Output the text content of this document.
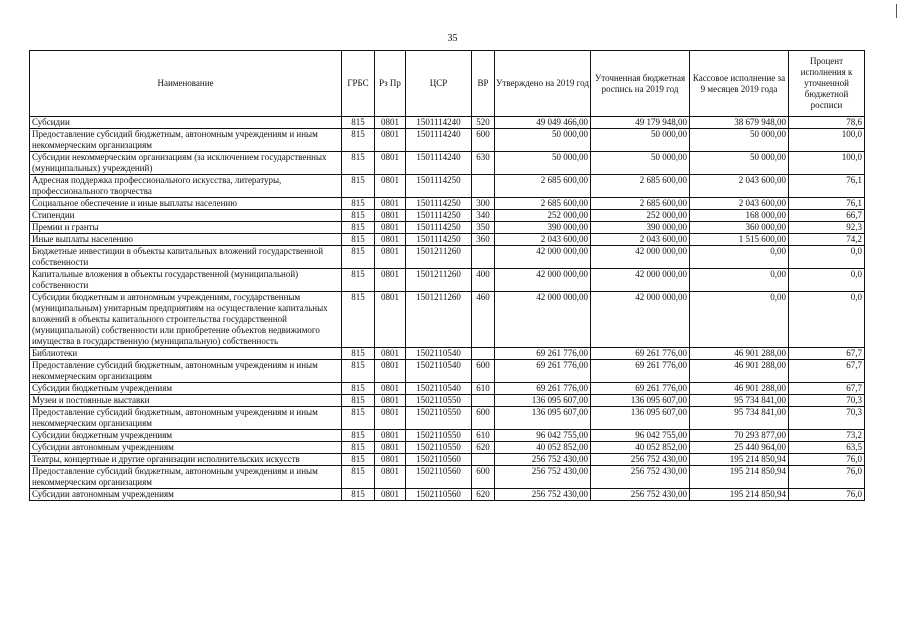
35
Наименование	ГРБС	Рз Пр	ЦСР	ВР	Утверждено на 2019 год	Уточненная бюджетная роспись на 2019 год	Кассовое исполнение за 9 месяцев 2019 года	Процент исполнения к уточненной бюджетной росписи
Субсидии	815	0801	1501114240	520	49 049 466,00	49 179 948,00	38 679 948,00	78,6
Предоставление субсидий бюджетным, автономным учреждениям и иным некоммерческим организациям	815	0801	1501114240	600	50 000,00	50 000,00	50 000,00	100,0
Субсидии некоммерческим организациям (за исключением государственных (муниципальных) учреждений)	815	0801	1501114240	630	50 000,00	50 000,00	50 000,00	100,0
Адресная поддержка профессионального искусства, литературы, профессионального творчества	815	0801	1501114250		2 685 600,00	2 685 600,00	2 043 600,00	76,1
Социальное обеспечение и иные выплаты населению	815	0801	1501114250	300	2 685 600,00	2 685 600,00	2 043 600,00	76,1
Стипендии	815	0801	1501114250	340	252 000,00	252 000,00	168 000,00	66,7
Премии и гранты	815	0801	1501114250	350	390 000,00	390 000,00	360 000,00	92,3
Иные выплаты населению	815	0801	1501114250	360	2 043 600,00	2 043 600,00	1 515 600,00	74,2
Бюджетные инвестиции в объекты капитальных вложений государственной собственности	815	0801	1501211260		42 000 000,00	42 000 000,00	0,00	0,0
Капитальные вложения в объекты государственной (муниципальной) собственности	815	0801	1501211260	400	42 000 000,00	42 000 000,00	0,00	0,0
Субсидии бюджетным и автономным учреждениям, государственным (муниципальным) унитарным предприятиям на осуществление капитальных вложений в объекты капитального строительства государственной (муниципальной) собственности или приобретение объектов недвижимого имущества в государственную (муниципальную) собственность	815	0801	1501211260	460	42 000 000,00	42 000 000,00	0,00	0,0
Библиотеки	815	0801	1502110540		69 261 776,00	69 261 776,00	46 901 288,00	67,7
Предоставление субсидий бюджетным, автономным учреждениям и иным некоммерческим организациям	815	0801	1502110540	600	69 261 776,00	69 261 776,00	46 901 288,00	67,7
Субсидии бюджетным учреждениям	815	0801	1502110540	610	69 261 776,00	69 261 776,00	46 901 288,00	67,7
Музеи и постоянные выставки	815	0801	1502110550		136 095 607,00	136 095 607,00	95 734 841,00	70,3
Предоставление субсидий бюджетным, автономным учреждениям и иным некоммерческим организациям	815	0801	1502110550	600	136 095 607,00	136 095 607,00	95 734 841,00	70,3
Субсидии бюджетным учреждениям	815	0801	1502110550	610	96 042 755,00	96 042 755,00	70 293 877,00	73,2
Субсидии автономным учреждениям	815	0801	1502110550	620	40 052 852,00	40 052 852,00	25 440 964,00	63,5
Театры, концертные и другие организации исполнительских искусств	815	0801	1502110560		256 752 430,00	256 752 430,00	195 214 850,94	76,0
Предоставление субсидий бюджетным, автономным учреждениям и иным некоммерческим организациям	815	0801	1502110560	600	256 752 430,00	256 752 430,00	195 214 850,94	76,0
Субсидии автономным учреждениям	815	0801	1502110560	620	256 752 430,00	256 752 430,00	195 214 850,94	76,0
